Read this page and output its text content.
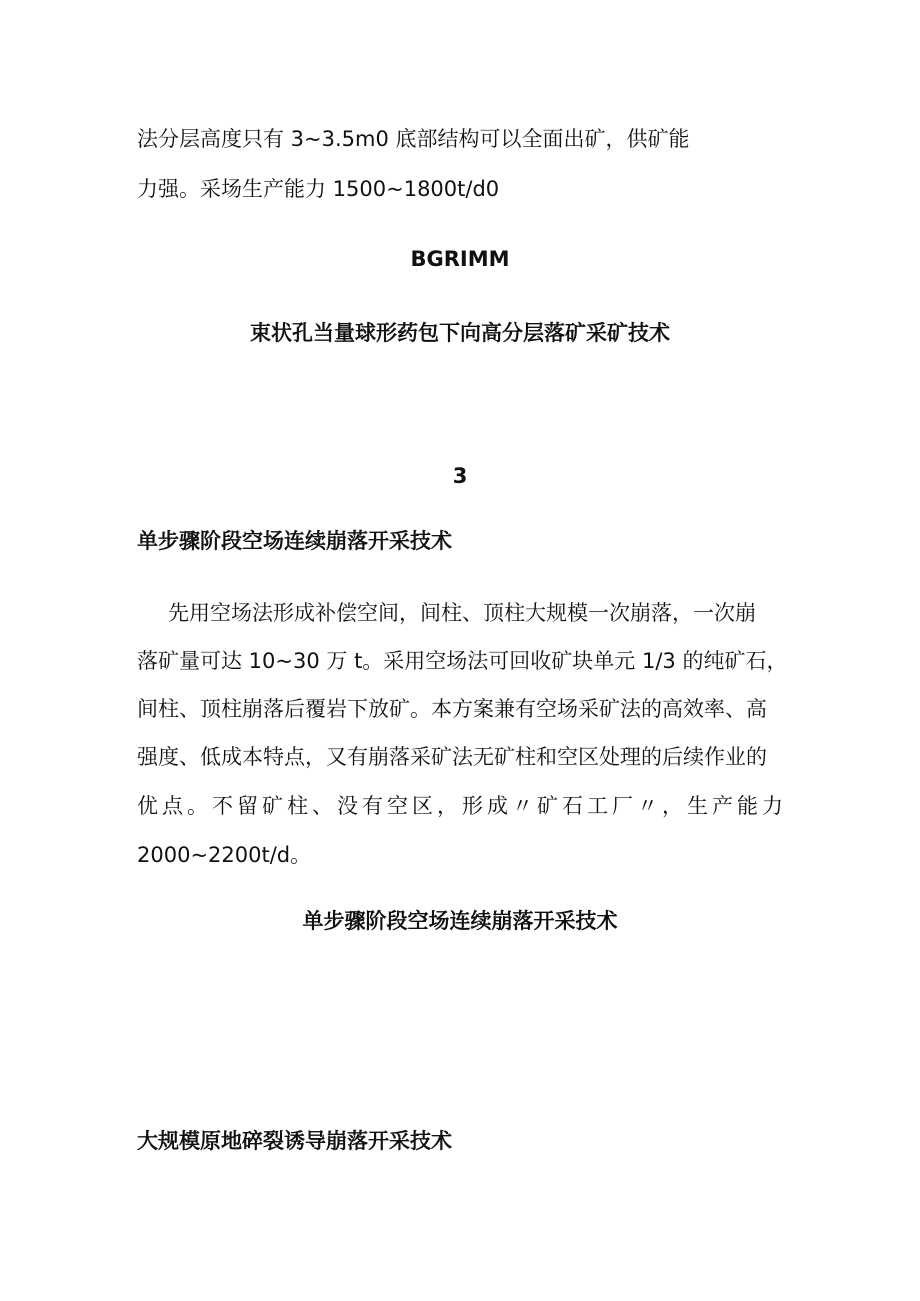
法分层高度只有 3~3.5m0 底部结构可以全面出矿，供矿能

力强。采场生产能力 1500~1800t/d0

BGRIMM

束状孔当量球形药包下向高分层落矿采矿技术

3

单步骤阶段空场连续崩落开采技术

先用空场法形成补偿空间，间柱、顶柱大规模一次崩落，一次崩

落矿量可达 10~30 万 t。采用空场法可回收矿块单元 1/3 的纯矿石，

间柱、顶柱崩落后覆岩下放矿。本方案兼有空场采矿法的高效率、高

强度、低成本特点，又有崩落采矿法无矿柱和空区处理的后续作业的

优点。不留矿柱、没有空区，形成〃矿石工厂〃，生产能力

2000~2200t/d。

单步骤阶段空场连续崩落开采技术

大规模原地碎裂诱导崩落开采技术
